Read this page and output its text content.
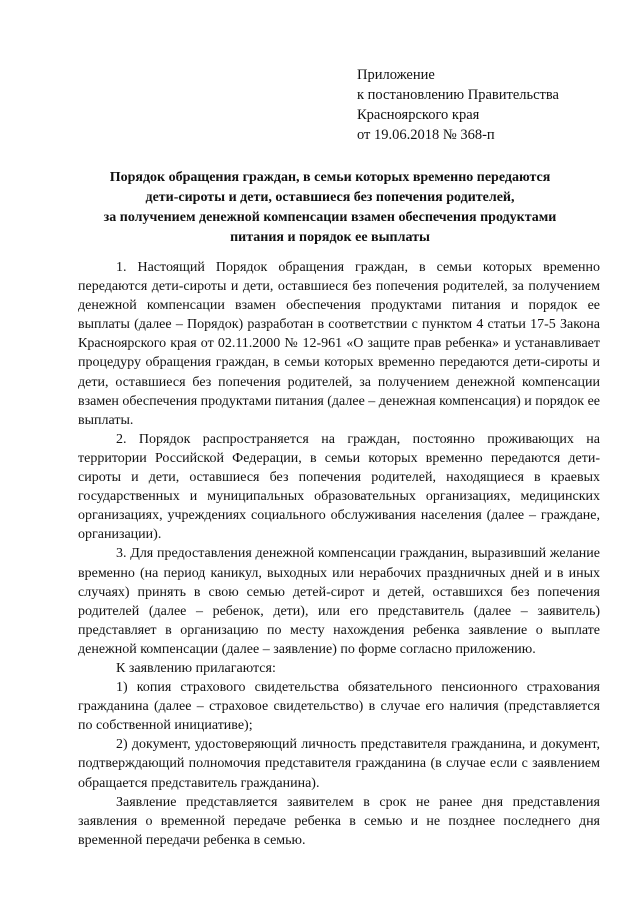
Приложение
к постановлению Правительства
Красноярского края
от 19.06.2018 № 368-п
Порядок обращения граждан, в семьи которых временно передаются
дети-сироты и дети, оставшиеся без попечения родителей,
за получением денежной компенсации взамен обеспечения продуктами
питания и порядок ее выплаты

1. Настоящий Порядок обращения граждан, в семьи которых временно передаются дети-сироты и дети, оставшиеся без попечения родителей, за получением денежной компенсации взамен обеспечения продуктами питания и порядок ее выплаты (далее – Порядок) разработан в соответствии с пунктом 4 статьи 17-5 Закона Красноярского края от 02.11.2000 № 12-961 «О защите прав ребенка» и устанавливает процедуру обращения граждан, в семьи которых временно передаются дети-сироты и дети, оставшиеся без попечения родителей, за получением денежной компенсации взамен обеспечения продуктами питания (далее – денежная компенсация) и порядок ее выплаты.

2. Порядок распространяется на граждан, постоянно проживающих на территории Российской Федерации, в семьи которых временно передаются дети-сироты и дети, оставшиеся без попечения родителей, находящиеся в краевых государственных и муниципальных образовательных организациях, медицинских организациях, учреждениях социального обслуживания населения (далее – граждане, организации).

3. Для предоставления денежной компенсации гражданин, выразивший желание временно (на период каникул, выходных или нерабочих праздничных дней и в иных случаях) принять в свою семью детей-сирот и детей, оставшихся без попечения родителей (далее – ребенок, дети), или его представитель (далее – заявитель) представляет в организацию по месту нахождения ребенка заявление о выплате денежной компенсации (далее – заявление) по форме согласно приложению.

К заявлению прилагаются:

1) копия страхового свидетельства обязательного пенсионного страхования гражданина (далее – страховое свидетельство) в случае его наличия (представляется по собственной инициативе);

2) документ, удостоверяющий личность представителя гражданина, и документ, подтверждающий полномочия представителя гражданина (в случае если с заявлением обращается представитель гражданина).

Заявление представляется заявителем в срок не ранее дня представления заявления о временной передаче ребенка в семью и не позднее последнего дня временной передачи ребенка в семью.
